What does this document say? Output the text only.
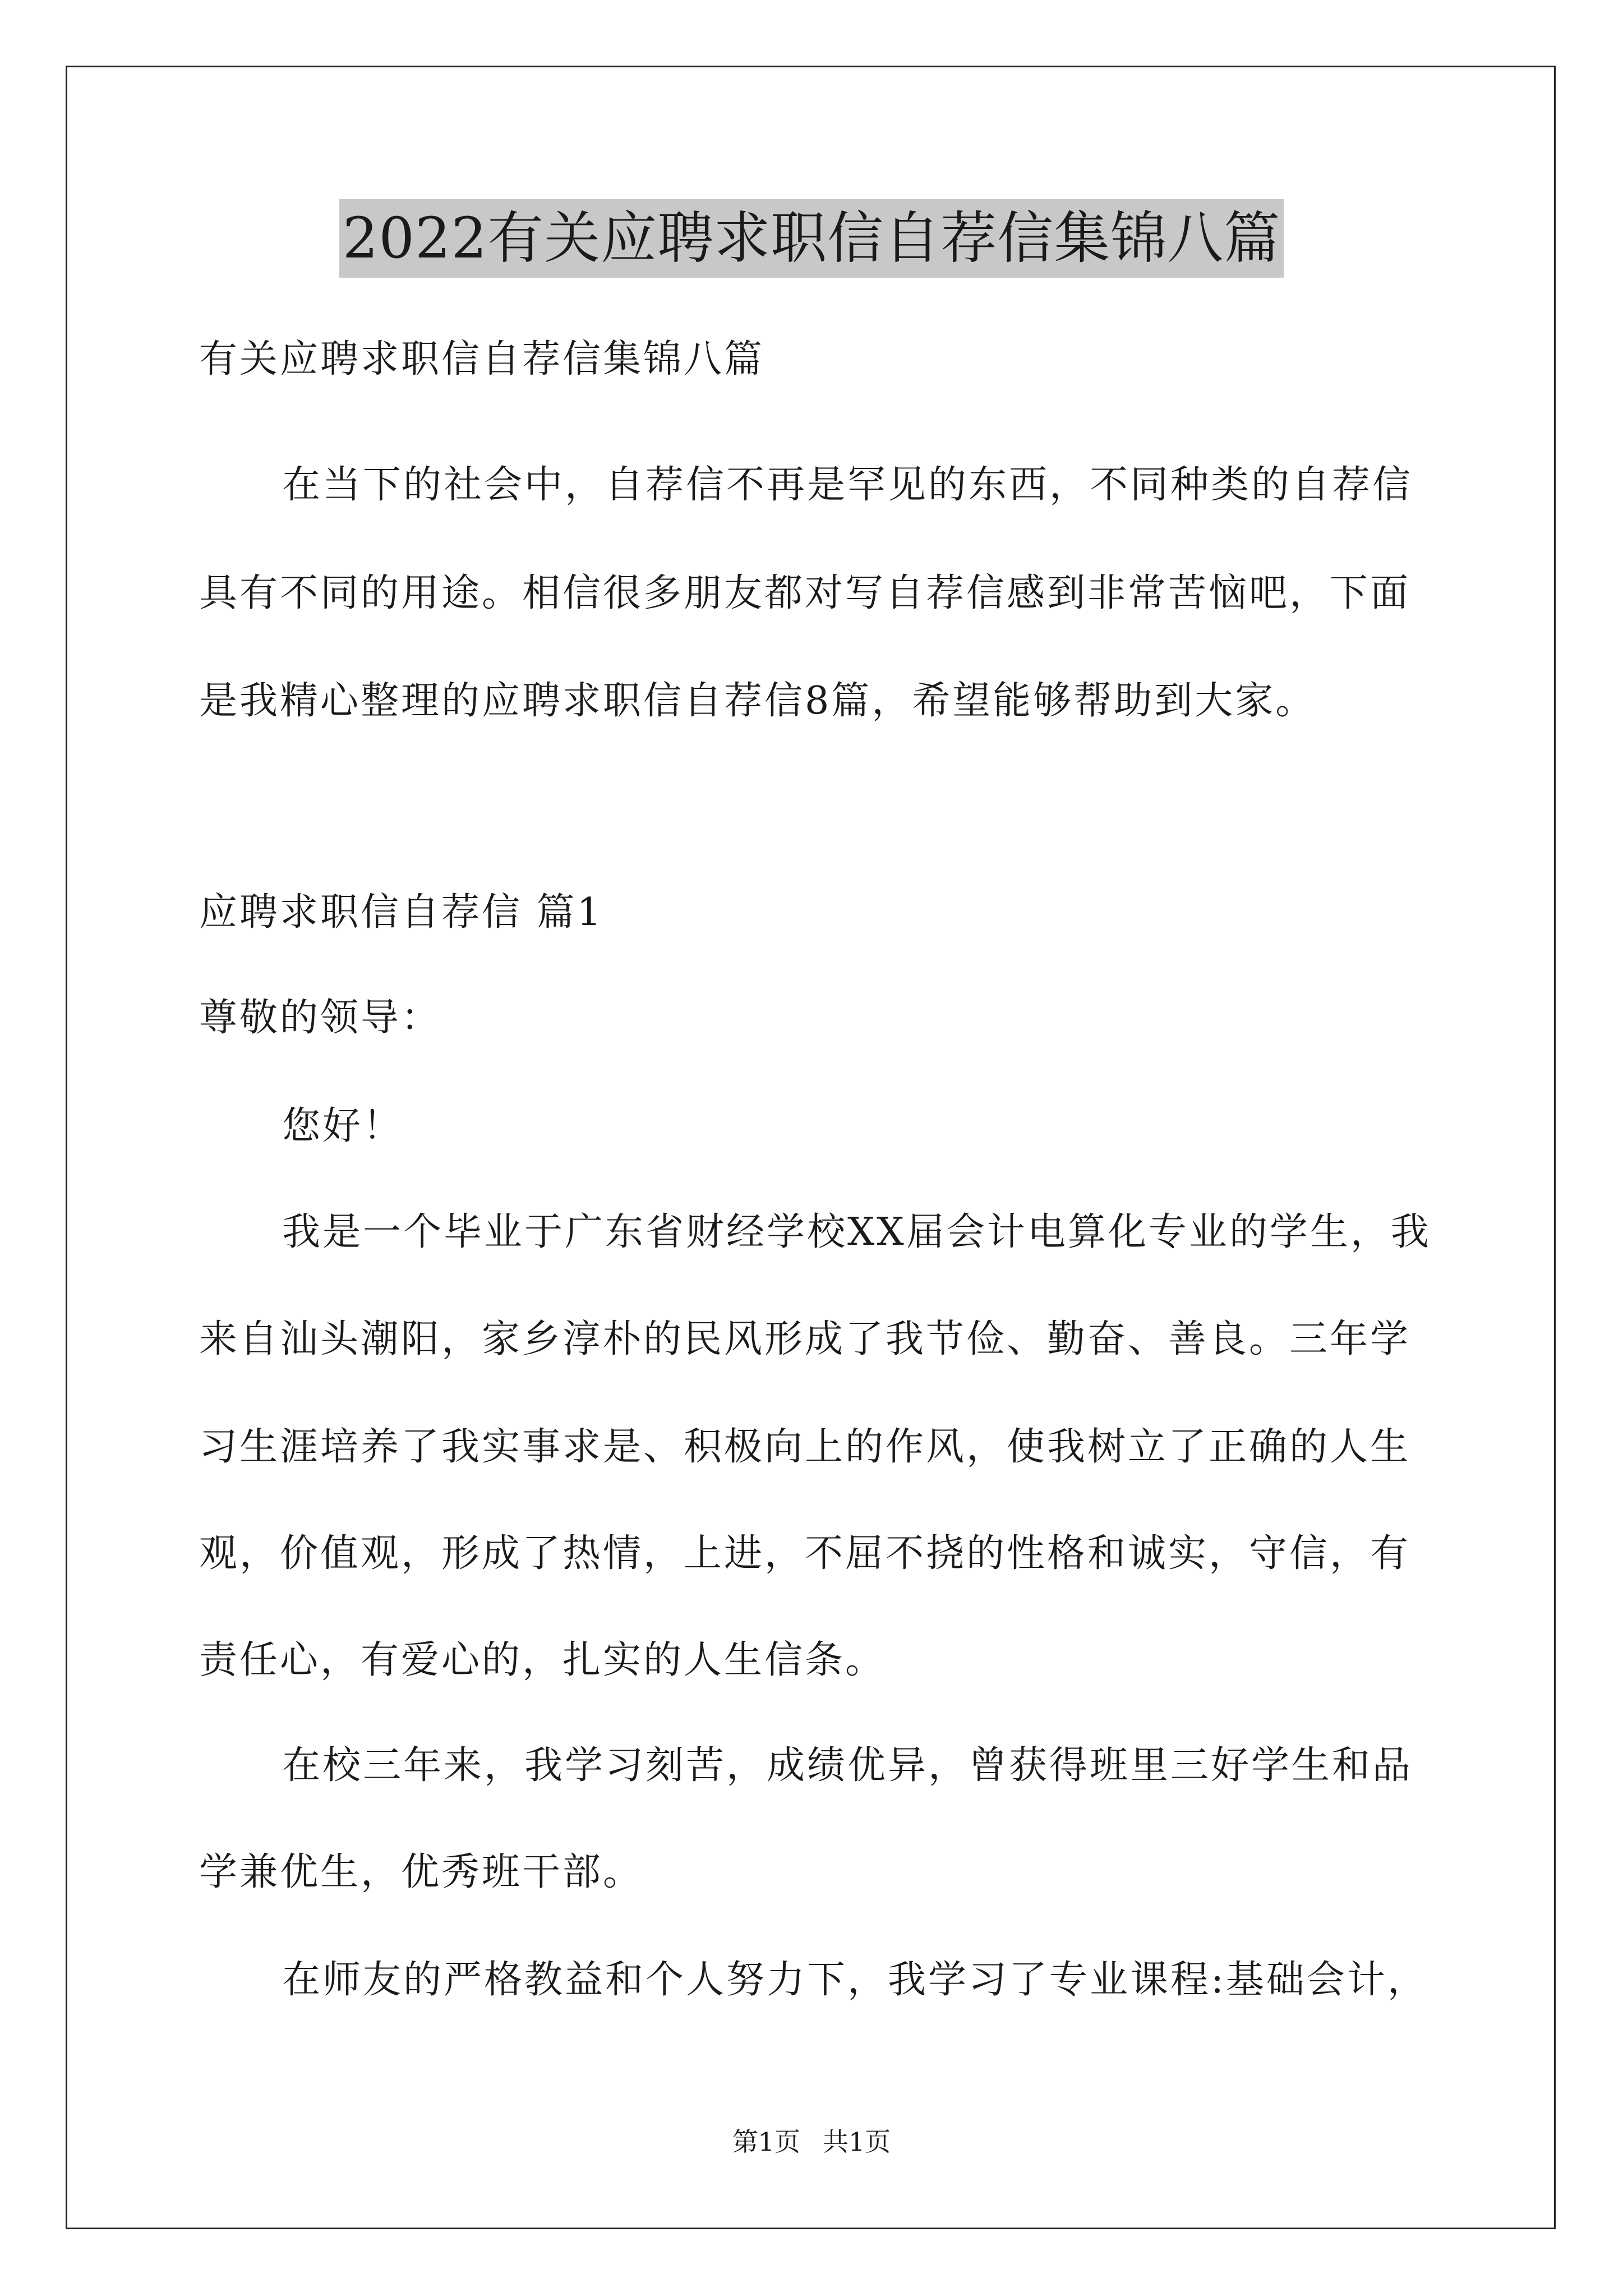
2022有关应聘求职信自荐信集锦八篇
有关应聘求职信自荐信集锦八篇
在当下的社会中，自荐信不再是罕见的东西，不同种类的自荐信
具有不同的用途。相信很多朋友都对写自荐信感到非常苦恼吧，下面
是我精心整理的应聘求职信自荐信8篇，希望能够帮助到大家。
应聘求职信自荐信 篇1
尊敬的领导：
您好！
我是一个毕业于广东省财经学校XX届会计电算化专业的学生，我
来自汕头潮阳，家乡淳朴的民风形成了我节俭、勤奋、善良。三年学
习生涯培养了我实事求是、积极向上的作风，使我树立了正确的人生
观，价值观，形成了热情，上进，不屈不挠的性格和诚实，守信，有
责任心，有爱心的，扎实的人生信条。
在校三年来，我学习刻苦，成绩优异，曾获得班里三好学生和品
学兼优生，优秀班干部。
在师友的严格教益和个人努力下，我学习了专业课程:基础会计，
第1页 共1页
